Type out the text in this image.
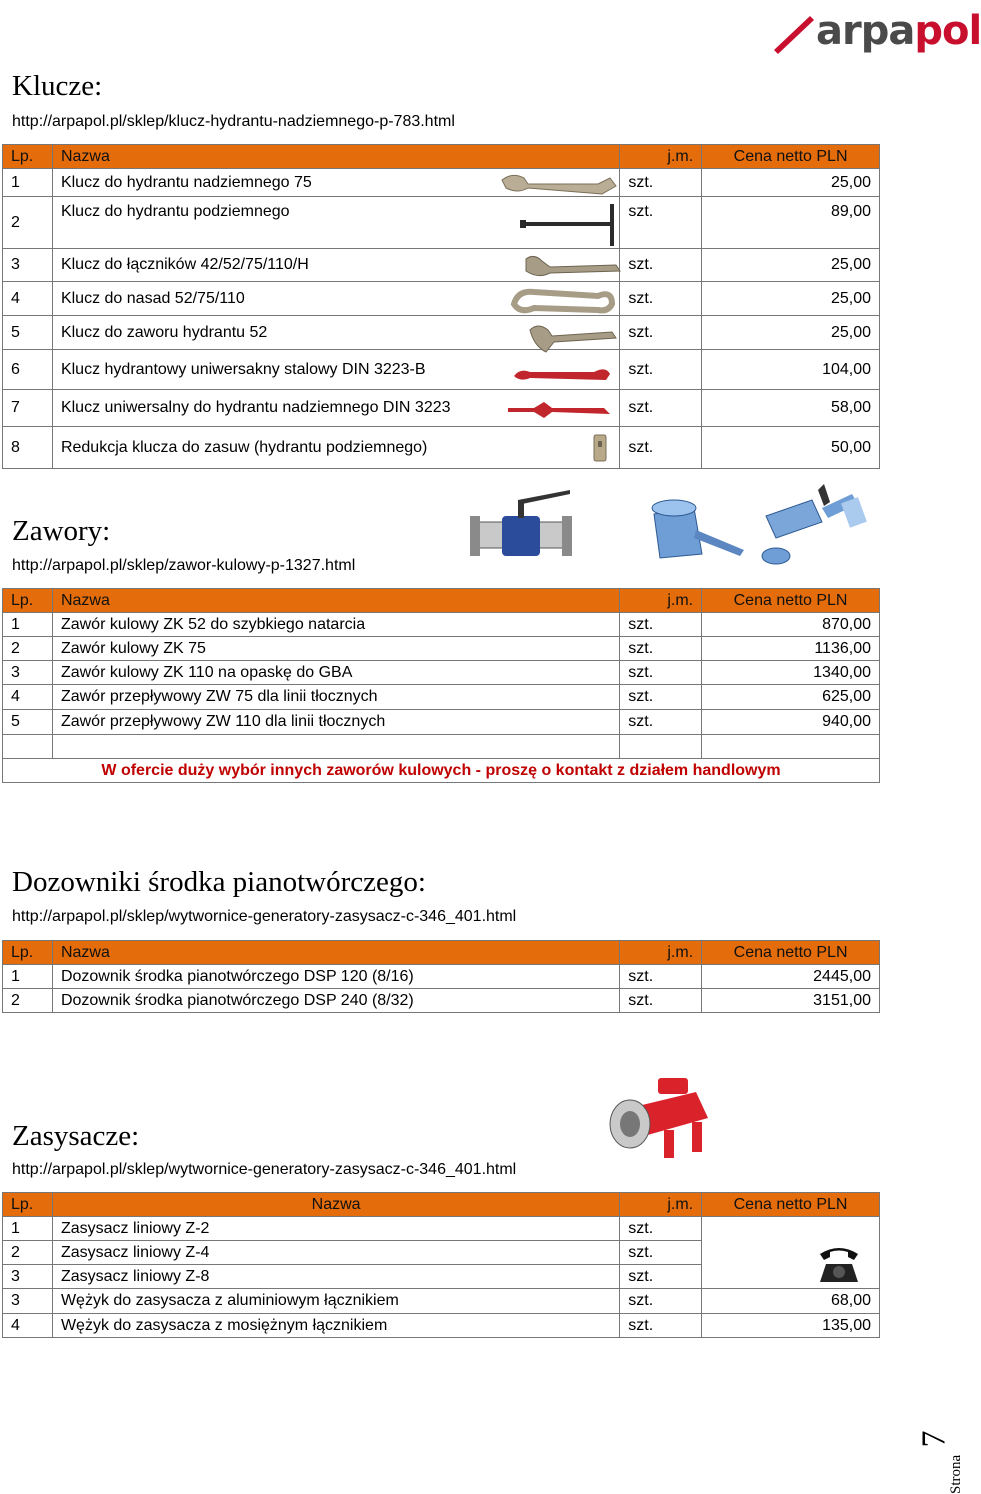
arpapol
Klucze:
http://arpapol.pl/sklep/klucz-hydrantu-nadziemnego-p-783.html
Lp.	Nazwa	j.m.	Cena netto PLN
1	Klucz do hydrantu nadziemnego 75	szt.	25,00
2	Klucz do hydrantu podziemnego	szt.	89,00
3	Klucz do łączników 42/52/75/110/H	szt.	25,00
4	Klucz do nasad 52/75/110	szt.	25,00
5	Klucz do zaworu hydrantu 52	szt.	25,00
6	Klucz hydrantowy uniwersakny stalowy DIN 3223-B	szt.	104,00
7	Klucz uniwersalny do hydrantu nadziemnego DIN 3223	szt.	58,00
8	Redukcja klucza do zasuw (hydrantu podziemnego)	szt.	50,00
Zawory:
http://arpapol.pl/sklep/zawor-kulowy-p-1327.html
Lp.	Nazwa	j.m.	Cena netto PLN
1	Zawór kulowy ZK 52 do szybkiego natarcia	szt.	870,00
2	Zawór kulowy ZK 75	szt.	1136,00
3	Zawór kulowy ZK 110 na opaskę do GBA	szt.	1340,00
4	Zawór przepływowy ZW 75 dla linii tłocznych	szt.	625,00
5	Zawór przepływowy ZW 110 dla linii tłocznych	szt.	940,00

W ofercie duży wybór innych zaworów kulowych - proszę o kontakt z działem handlowym			
Dozowniki środka pianotwórczego:
http://arpapol.pl/sklep/wytwornice-generatory-zasysacz-c-346_401.html
Lp.	Nazwa	j.m.	Cena netto PLN
1	Dozownik środka pianotwórczego DSP 120 (8/16)	szt.	2445,00
2	Dozownik środka pianotwórczego DSP 240 (8/32)	szt.	3151,00
Zasysacze:
http://arpapol.pl/sklep/wytwornice-generatory-zasysacz-c-346_401.html
Lp.	Nazwa	j.m.	Cena netto PLN
1	Zasysacz liniowy Z-2	szt.	
2	Zasysacz liniowy Z-4	szt.	
3	Zasysacz liniowy Z-8	szt.	
3	Wężyk do zasysacza z aluminiowym łącznikiem	szt.	68,00
4	Wężyk do zasysacza z mosiężnym łącznikiem	szt.	135,00
Strona
7
